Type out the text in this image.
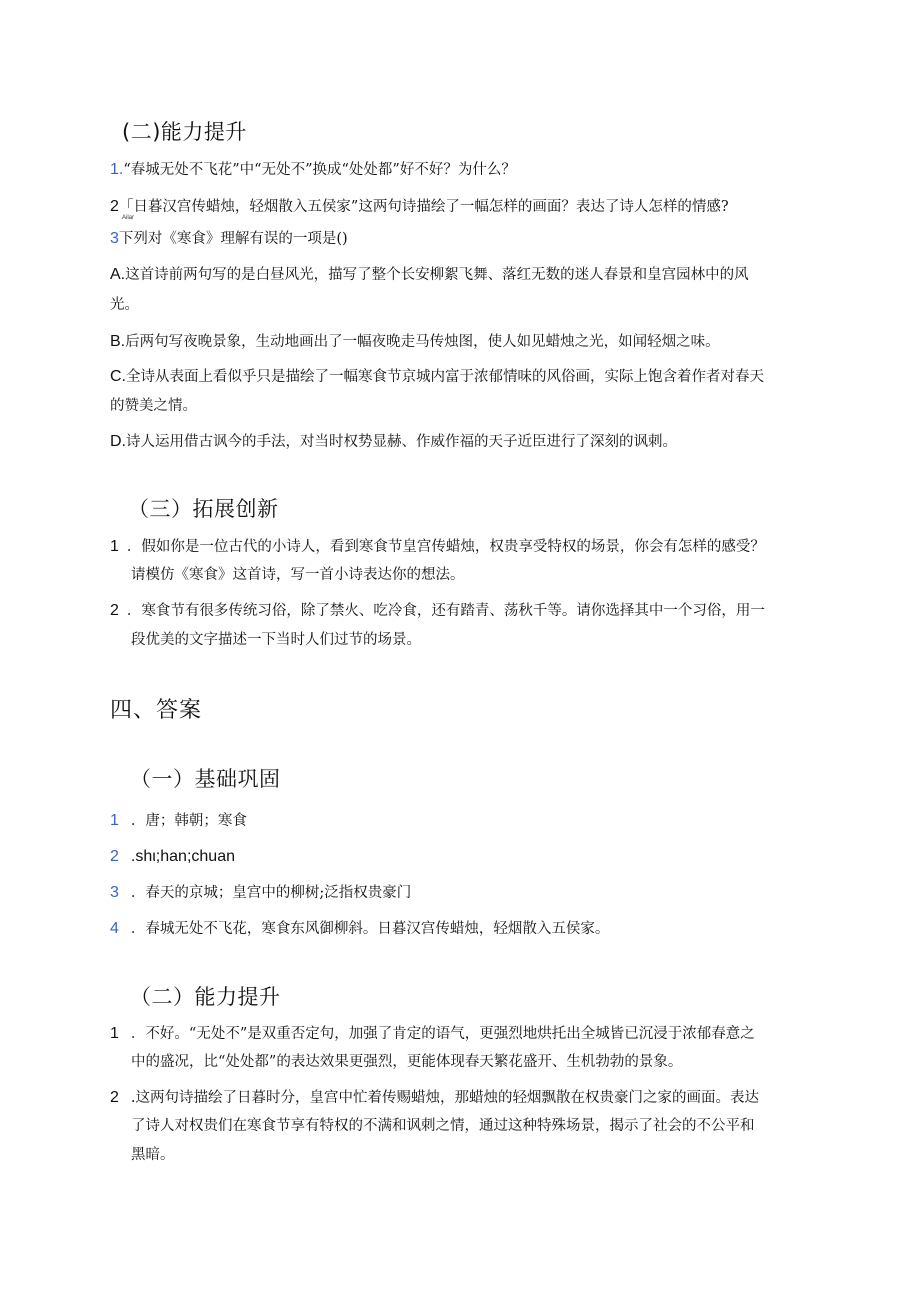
(二)能力提升
1.“春城无处不飞花”中“无处不”换成“处处都”好不好？为什么？
2「日暮汉宫传蜡烛，轻烟散入五侯家”这两句诗描绘了一幅怎样的画面？表达了诗人怎样的情感?
Ailar
3下列对《寒食》理解有误的一项是()
A.这首诗前两句写的是白昼风光，描写了整个长安柳絮飞舞、落红无数的迷人春景和皇宫园林中的风
光。
B.后两句写夜晚景象，生动地画出了一幅夜晚走马传烛图，使人如见蜡烛之光，如闻轻烟之味。
C.全诗从表面上看似乎只是描绘了一幅寒食节京城内富于浓郁情味的风俗画，实际上饱含着作者对春天
的赞美之情。
D.诗人运用借古讽今的手法，对当时权势显赫、作威作福的天子近臣进行了深刻的讽刺。
（三）拓展创新
1 ．假如你是一位古代的小诗人，看到寒食节皇宫传蜡烛，权贵享受特权的场景，你会有怎样的感受？
请模仿《寒食》这首诗，写一首小诗表达你的想法。
2 ．寒食节有很多传统习俗，除了禁火、吃冷食，还有踏青、荡秋千等。请你选择其中一个习俗，用一
段优美的文字描述一下当时人们过节的场景。
四、答案
（一）基础巩固
1 ．唐；韩朝；寒食
2 .shι;han;chuan
3 ．春天的京城；皇宫中的柳树;泛指权贵豪门
4 ．春城无处不飞花，寒食东风御柳斜。日暮汉宫传蜡烛，轻烟散入五侯家。
（二）能力提升
1 ．不好。“无处不”是双重否定句，加强了肯定的语气，更强烈地烘托出全城皆已沉浸于浓郁春意之
中的盛况，比“处处都”的表达效果更强烈，更能体现春天繁花盛开、生机勃勃的景象。
2 .这两句诗描绘了日暮时分，皇宫中忙着传赐蜡烛，那蜡烛的轻烟飘散在权贵豪门之家的画面。表达
了诗人对权贵们在寒食节享有特权的不满和讽刺之情，通过这种特殊场景，揭示了社会的不公平和
黑暗。
